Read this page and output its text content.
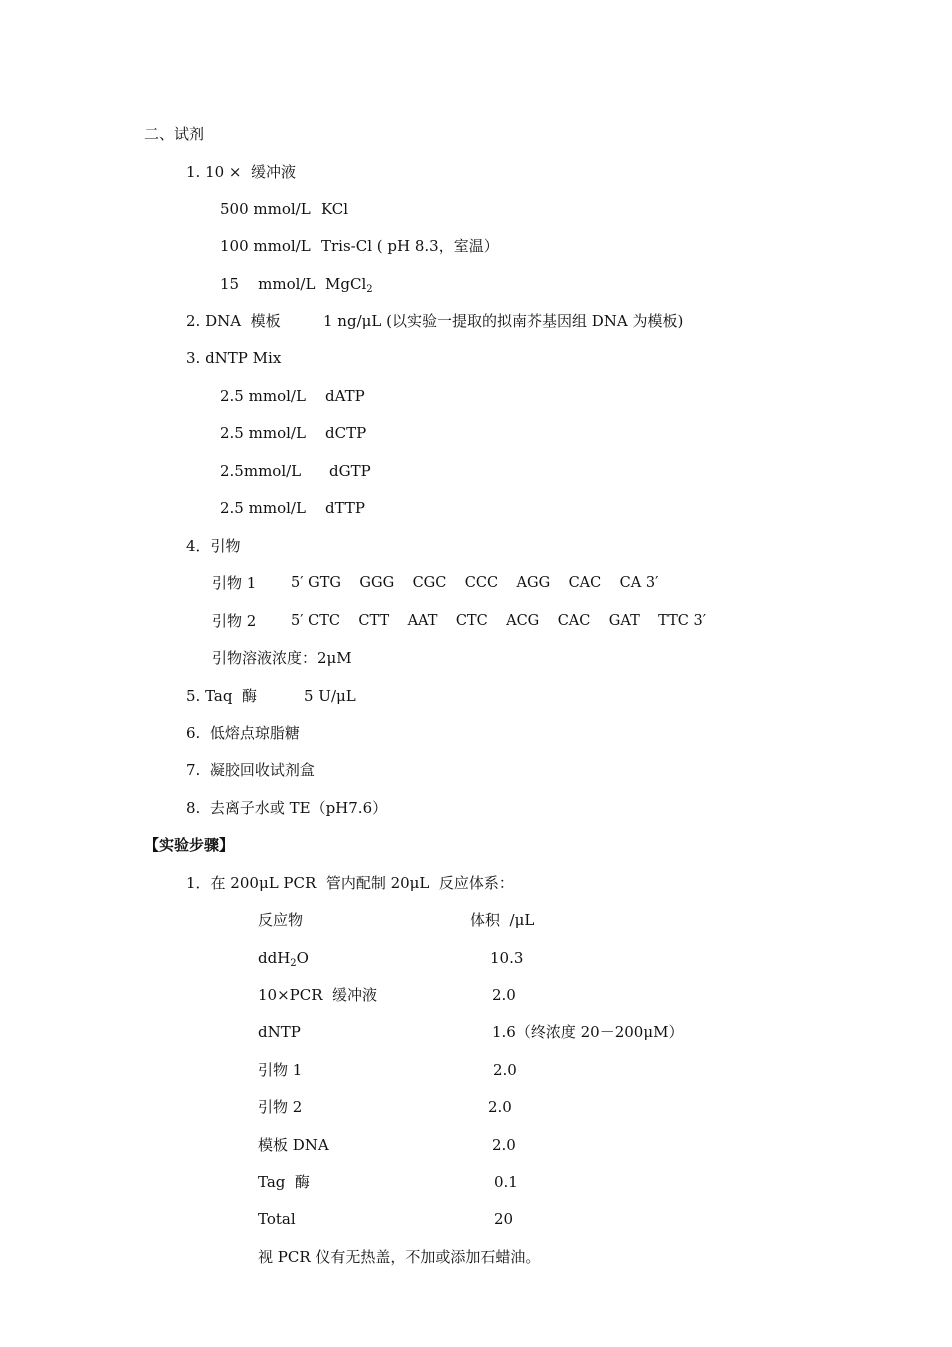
二、试剂
1. 10 ×  缓冲液
500 mmol/L KCl
100 mmol/L Tris-Cl ( pH 8.3，室温）
15    mmol/L MgCl$_2$
2. DNA  模板	1 ng/μL (以实验一提取的拟南芥基因组 DNA 为模板)
3. dNTP Mix
2.5 mmol/L dATP
2.5 mmol/L dCTP
2.5mmol/L dGTP
2.5 mmol/L dTTP
4．引物
引物 1 5′ GTG    GGG    CGC    CCC    AGG    CAC    CA 3′
引物 2 5′ CTC    CTT    AAT    CTC    ACG    CAC    GAT    TTC 3′
引物溶液浓度：2μM
5. Taq  酶	5 U/μL
6.  低熔点琼脂糖
7.  凝胶回收试剂盒
8.  去离子水或 TE（pH7.6）
【实验步骤】
1．在 200μL PCR  管内配制 20μL  反应体系：
反应物	体积  /μL
ddH$_2$O	10.3
10×PCR  缓冲液	2.0
dNTP	1.6（终浓度 20－200μM）
引物 1	2.0
引物 2	2.0
模板 DNA	2.0
Tag  酶	0.1
Total	20
视 PCR 仪有无热盖，不加或添加石蜡油。
